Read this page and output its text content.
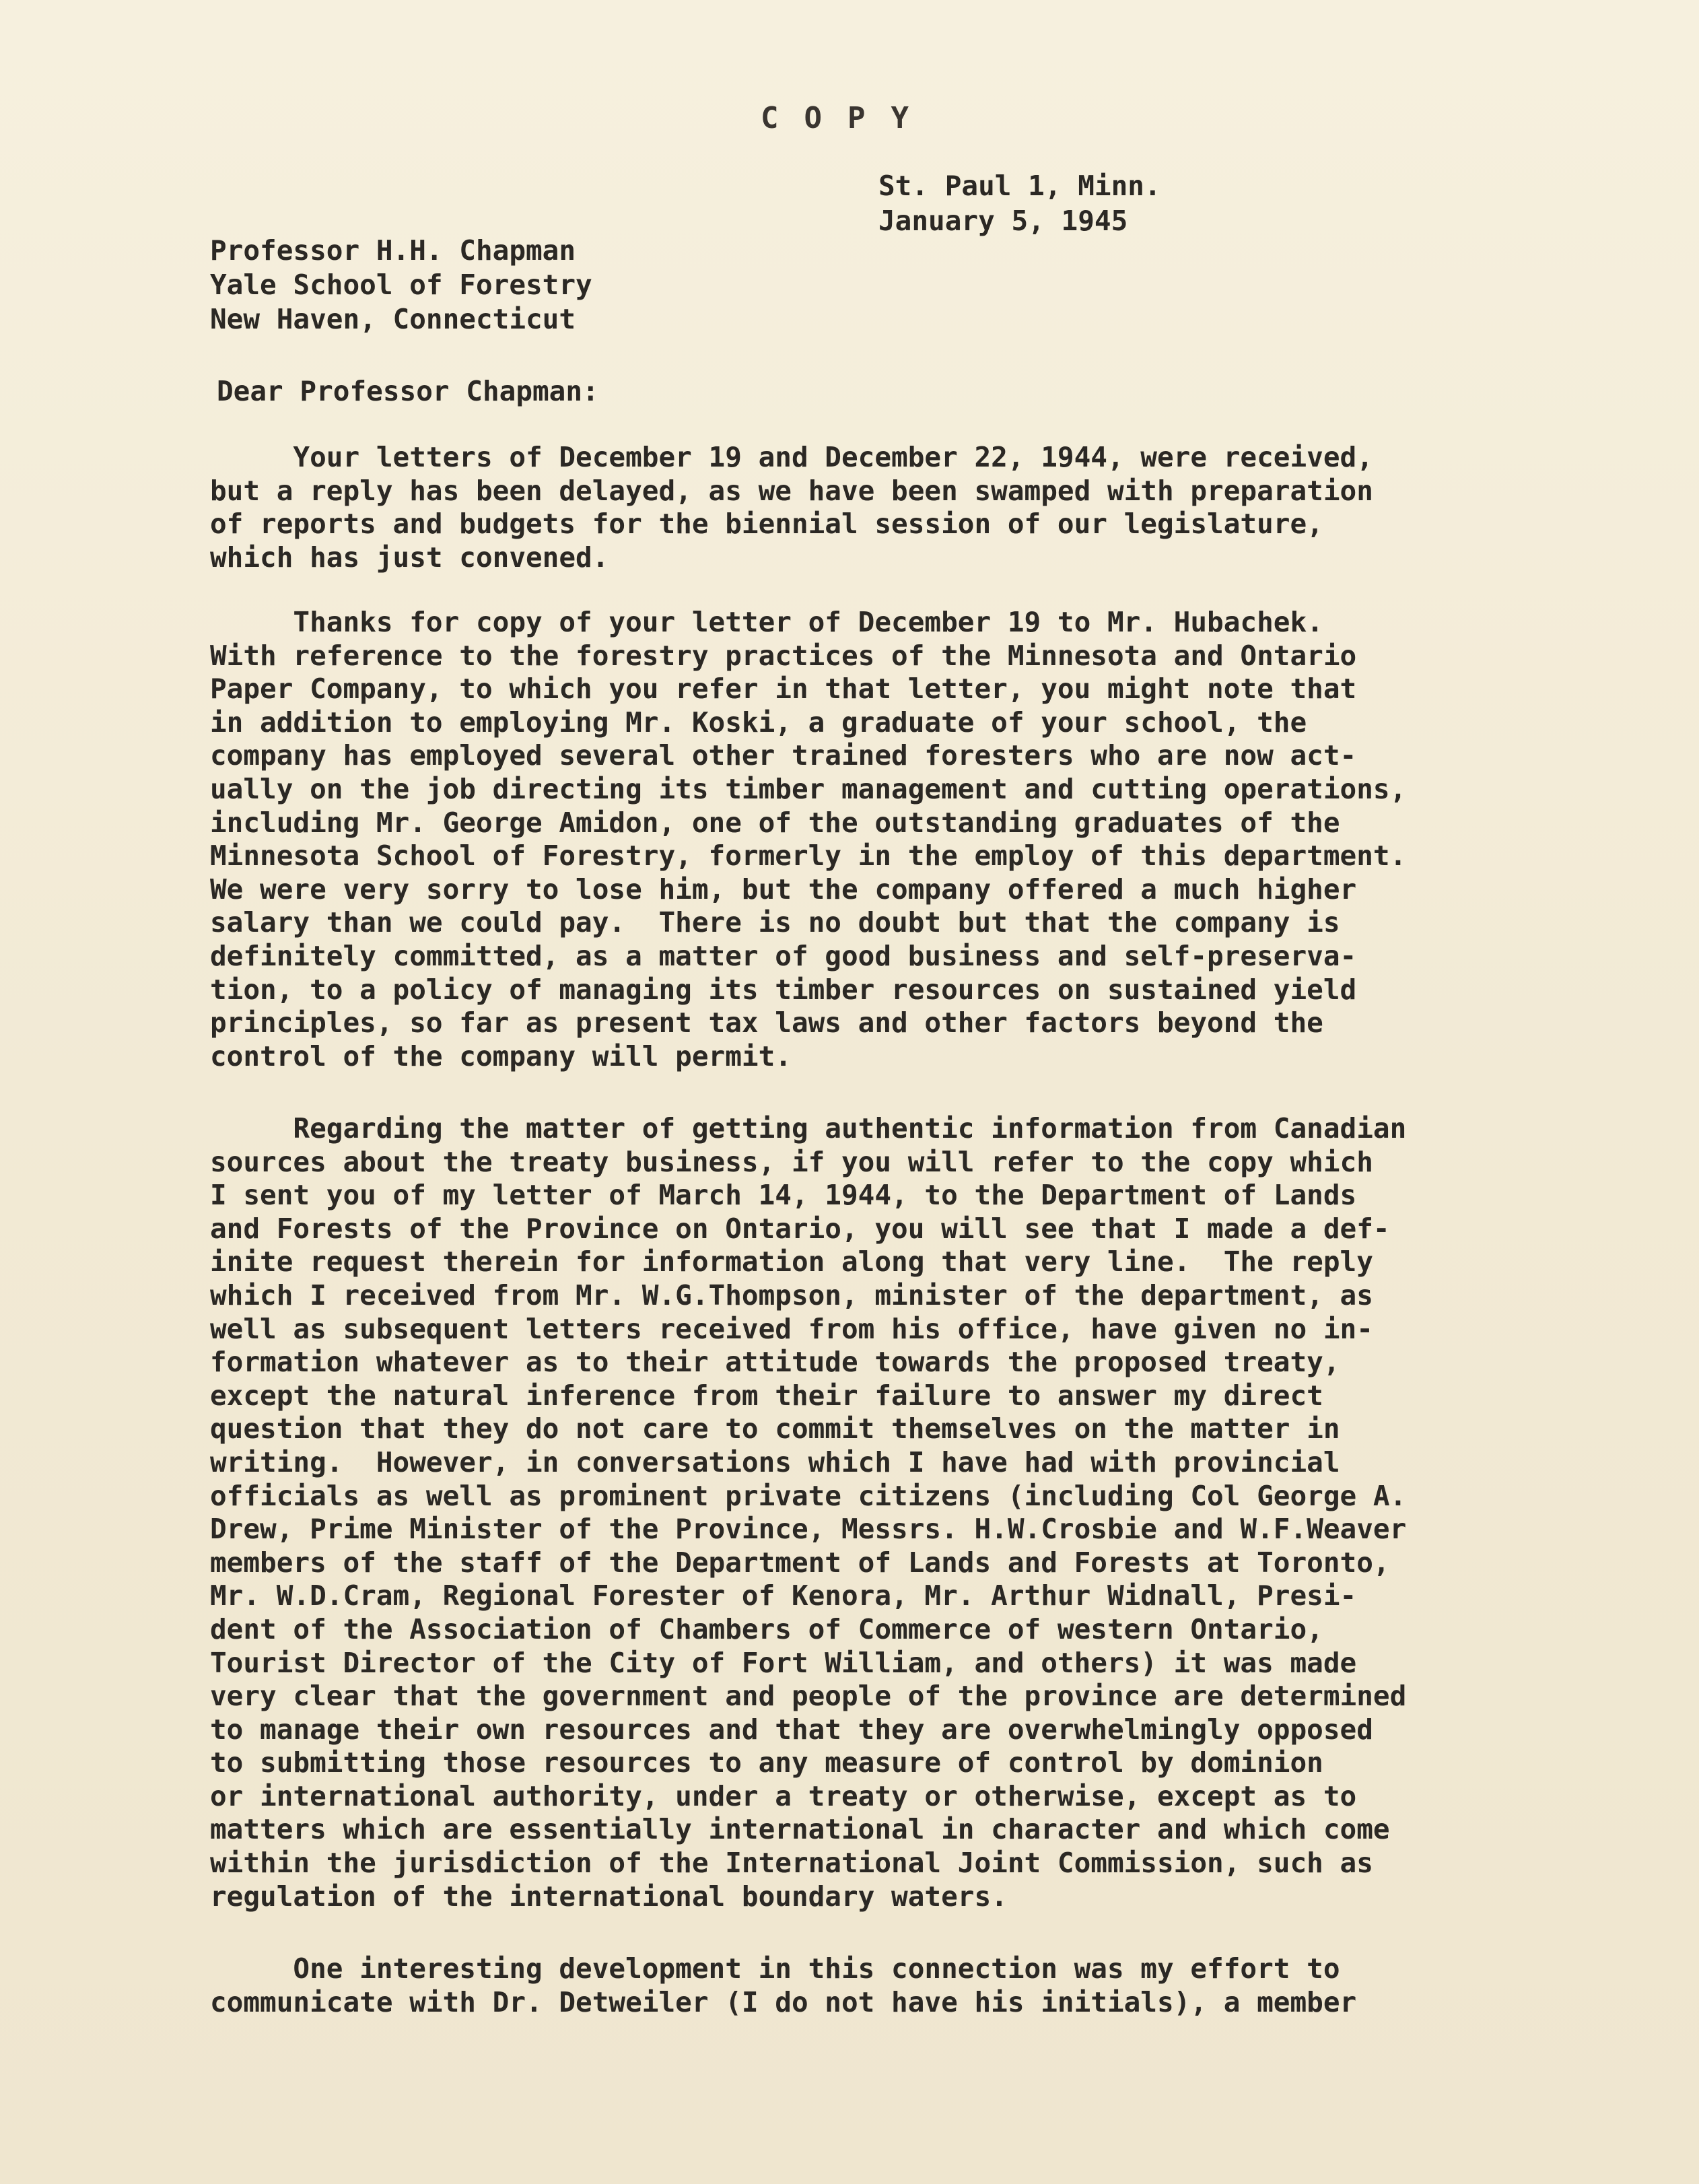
COPY
St. Paul 1, Minn.
January 5, 1945
Professor H.H. Chapman
Yale School of Forestry
New Haven, Connecticut
Dear Professor Chapman:
Your letters of December 19 and December 22, 1944, were received,
but a reply has been delayed, as we have been swamped with preparation
of reports and budgets for the biennial session of our legislature,
which has just convened.
Thanks for copy of your letter of December 19 to Mr. Hubachek.
With reference to the forestry practices of the Minnesota and Ontario
Paper Company, to which you refer in that letter, you might note that
in addition to employing Mr. Koski, a graduate of your school, the
company has employed several other trained foresters who are now act-
ually on the job directing its timber management and cutting operations,
including Mr. George Amidon, one of the outstanding graduates of the
Minnesota School of Forestry, formerly in the employ of this department.
We were very sorry to lose him, but the company offered a much higher
salary than we could pay.  There is no doubt but that the company is
definitely committed, as a matter of good business and self-preserva-
tion, to a policy of managing its timber resources on sustained yield
principles, so far as present tax laws and other factors beyond the
control of the company will permit.
Regarding the matter of getting authentic information from Canadian
sources about the treaty business, if you will refer to the copy which
I sent you of my letter of March 14, 1944, to the Department of Lands
and Forests of the Province on Ontario, you will see that I made a def-
inite request therein for information along that very line.  The reply
which I received from Mr. W.G.Thompson, minister of the department, as
well as subsequent letters received from his office, have given no in-
formation whatever as to their attitude towards the proposed treaty,
except the natural inference from their failure to answer my direct
question that they do not care to commit themselves on the matter in
writing.  However, in conversations which I have had with provincial
officials as well as prominent private citizens (including Col George A.
Drew, Prime Minister of the Province, Messrs. H.W.Crosbie and W.F.Weaver
members of the staff of the Department of Lands and Forests at Toronto,
Mr. W.D.Cram, Regional Forester of Kenora, Mr. Arthur Widnall, Presi-
dent of the Association of Chambers of Commerce of western Ontario,
Tourist Director of the City of Fort William, and others) it was made
very clear that the government and people of the province are determined
to manage their own resources and that they are overwhelmingly opposed
to submitting those resources to any measure of control by dominion
or international authority, under a treaty or otherwise, except as to
matters which are essentially international in character and which come
within the jurisdiction of the International Joint Commission, such as
regulation of the international boundary waters.
One interesting development in this connection was my effort to
communicate with Dr. Detweiler (I do not have his initials), a member
